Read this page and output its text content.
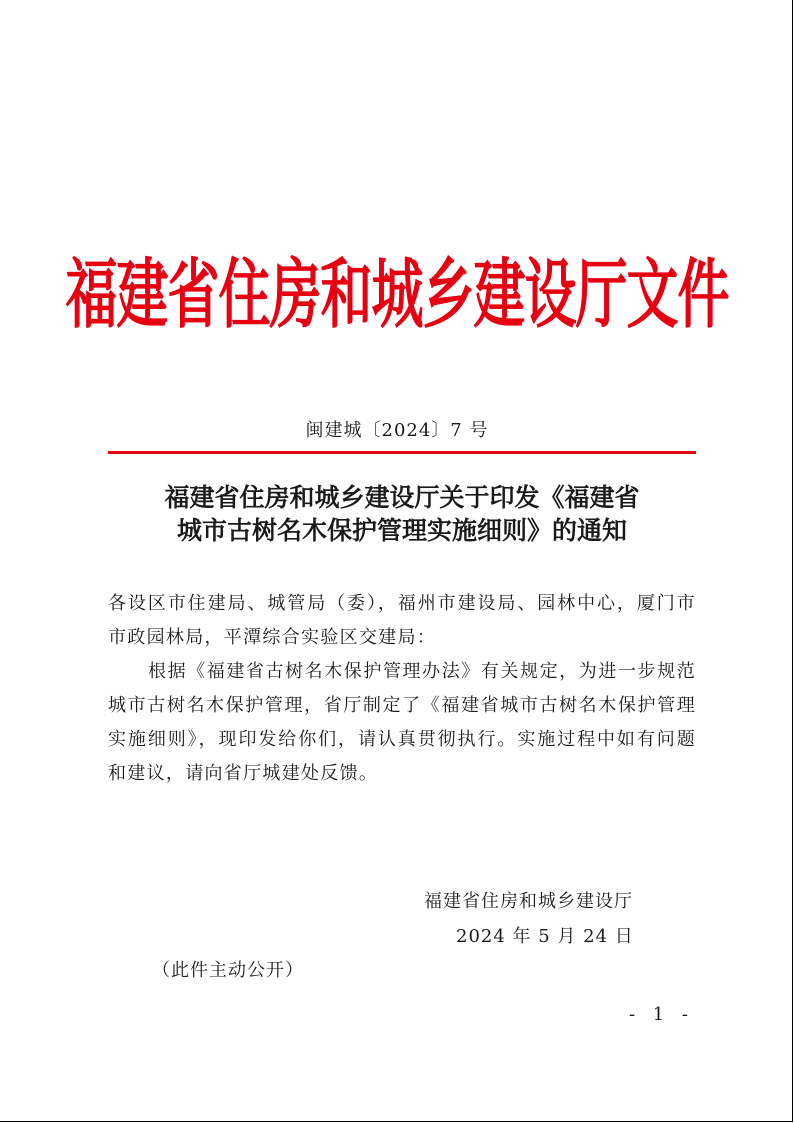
福建省住房和城乡建设厅文件
闽建城〔2024〕7 号
福建省住房和城乡建设厅关于印发《福建省
城市古树名木保护管理实施细则》的通知

各设区市住建局、城管局（委），福州市建设局、园林中心，厦门市市政园林局，平潭综合实验区交建局：

根据《福建省古树名木保护管理办法》有关规定，为进一步规范城市古树名木保护管理，省厅制定了《福建省城市古树名木保护管理实施细则》，现印发给你们，请认真贯彻执行。实施过程中如有问题和建议，请向省厅城建处反馈。

福建省住房和城乡建设厅
2024 年 5 月 24 日
（此件主动公开）
- 1 -
